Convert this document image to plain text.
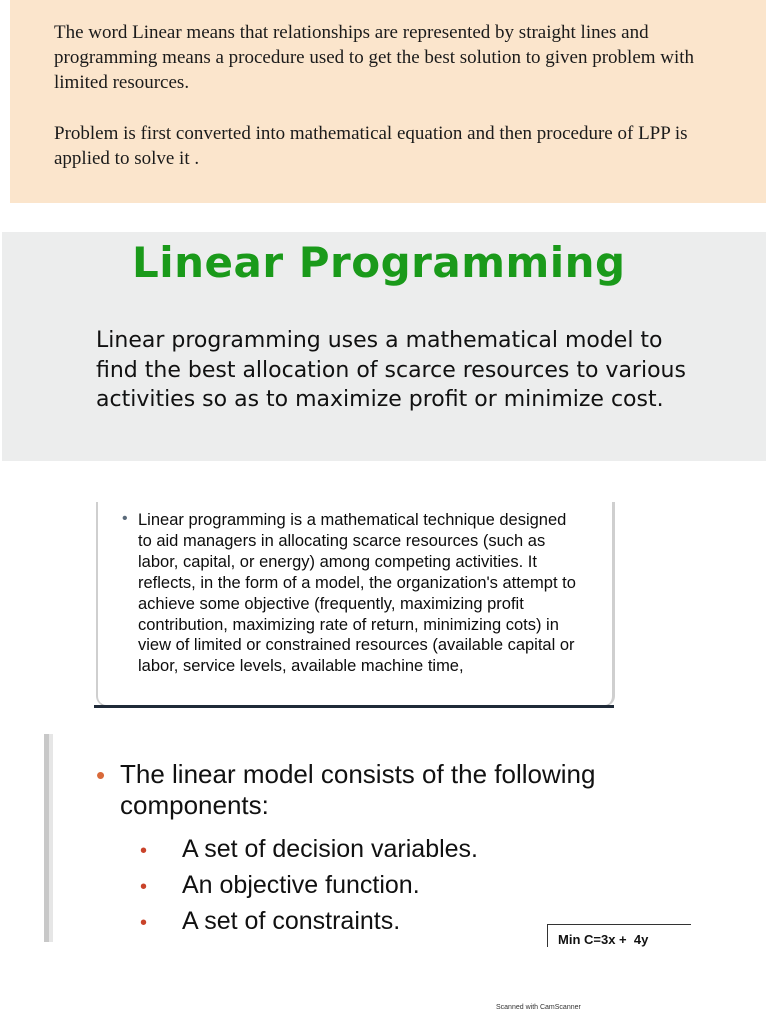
The word Linear means that relationships are represented by straight lines and programming means a procedure used to get the best solution to given problem with limited resources.

Problem is first converted into mathematical equation and then procedure of LPP is applied to solve it .

Linear Programming

Linear programming uses a mathematical model to find the best allocation of scarce resources to various activities so as to maximize profit or minimize cost.

• Linear programming is a mathematical technique designed to aid managers in allocating scarce resources (such as labor, capital, or energy) among competing activities. It reflects, in the form of a model, the organization's attempt to achieve some objective (frequently, maximizing profit contribution, maximizing rate of return, minimizing cots) in view of limited or constrained resources (available capital or labor, service levels, available machine time,

• The linear model consists of the following components:

• A set of decision variables.

• An objective function.

• A set of constraints.

Min C=3x +  4y

Scanned with CamScanner
